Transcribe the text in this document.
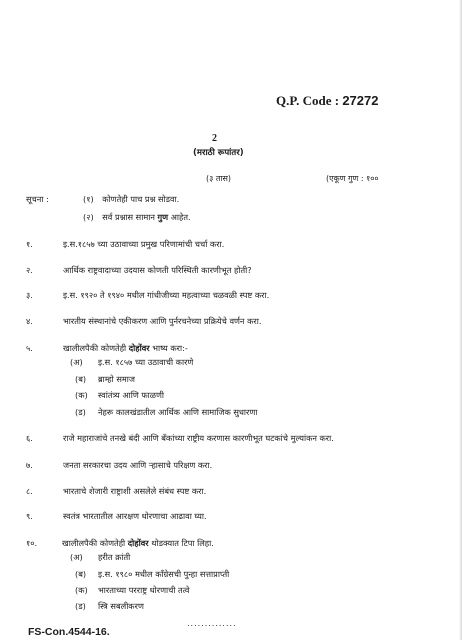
Q.P. Code : 27272
2
(मराठी रूपांतर)
(३ तास)	(एकूण गुण : १००
सूचना :	(१) कोणतेही पाच प्रश्न सोडवा.
(२) सर्व प्रश्नास सामान गुण आहेत.
१.	इ.स.१८५७ च्या उठावाच्या प्रमुख परिणामांची चर्चा करा.
२.	आर्थिक राष्ट्रवादाच्या उदयास कोणती परिस्थिती कारणीभूत होती?
३.	इ.स. १९२० ते १९४० मधील गांधीजीच्या महत्वाच्या चळवळी स्पष्ट करा.
४.	भारतीय संस्थानांचे एकीकरण आणि पुर्नरचनेच्या प्रक्रियेचे वर्णन करा.
५.	खालीलपैकी कोणतेही दोहोंवर भाष्य करा:-
(अ) इ.स. १८५७ च्या उठावाची कारणे
(ब) ब्राम्हो समाज
(क) स्वांतंत्र्य आणि फाळणी
(ड) नेहरू कालखंडातील आर्थिक आणि सामाजिक सुधारणा
६.	राजे महाराजांचे तनखे बंदी आणि बँकांच्या राष्ट्रीय करणास कारणीभूत घटकांचे मुल्यांकन करा.
७.	जनता सरकारचा उदय आणि ऱ्हासाचे परिक्षण करा.
८.	भारताचे शेजारी राष्ट्राशी असलेले संबंध स्पष्ट करा.
९.	स्वतंत्र भारतातील आरक्षण धोरणाचा आढावा घ्या.
१०.	खालीलपैकी कोणतेही दोहोंवर थोडक्यात टिपा लिहा.
(अ) हरीत क्रांती
(ब) इ.स. १९८० मधील कॉंग्रेसची पुन्हा सत्ताप्राप्ती
(क) भारताच्या परराष्ट्र धोरणाची तत्वे
(ड) स्त्रि सबलीकरण
..............
FS-Con.4544-16.
